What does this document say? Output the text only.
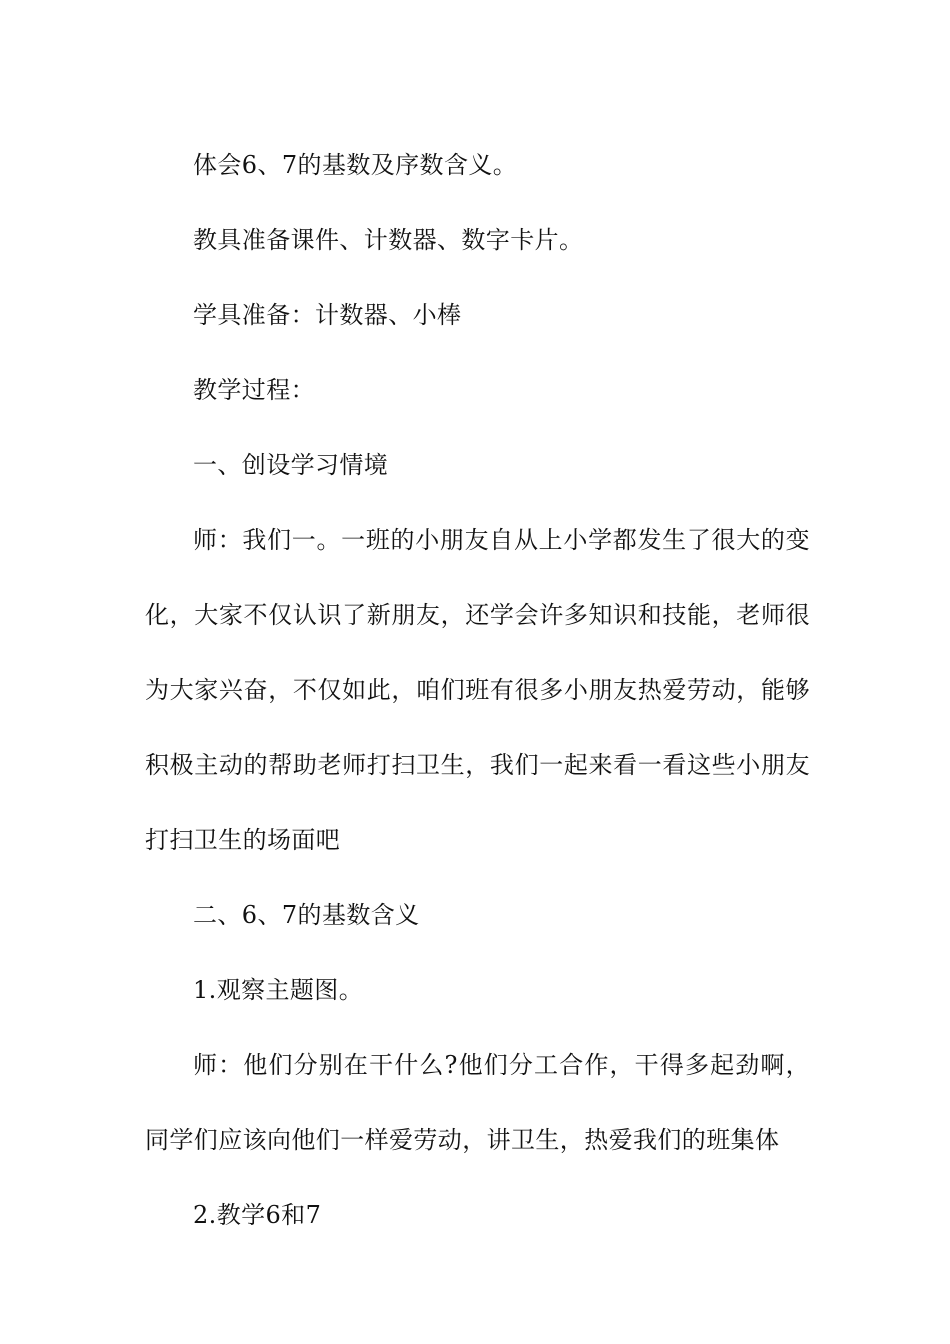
体会6、7的基数及序数含义。

教具准备课件、计数器、数字卡片。

学具准备：计数器、小棒

教学过程：

一、创设学习情境

师：我们一。一班的小朋友自从上小学都发生了很大的变化，大家不仅认识了新朋友，还学会许多知识和技能，老师很为大家兴奋，不仅如此，咱们班有很多小朋友热爱劳动，能够积极主动的帮助老师打扫卫生，我们一起来看一看这些小朋友打扫卫生的场面吧

二、6、7的基数含义

1.观察主题图。

师：他们分别在干什么?他们分工合作，干得多起劲啊，同学们应该向他们一样爱劳动，讲卫生，热爱我们的班集体

2.教学6和7
